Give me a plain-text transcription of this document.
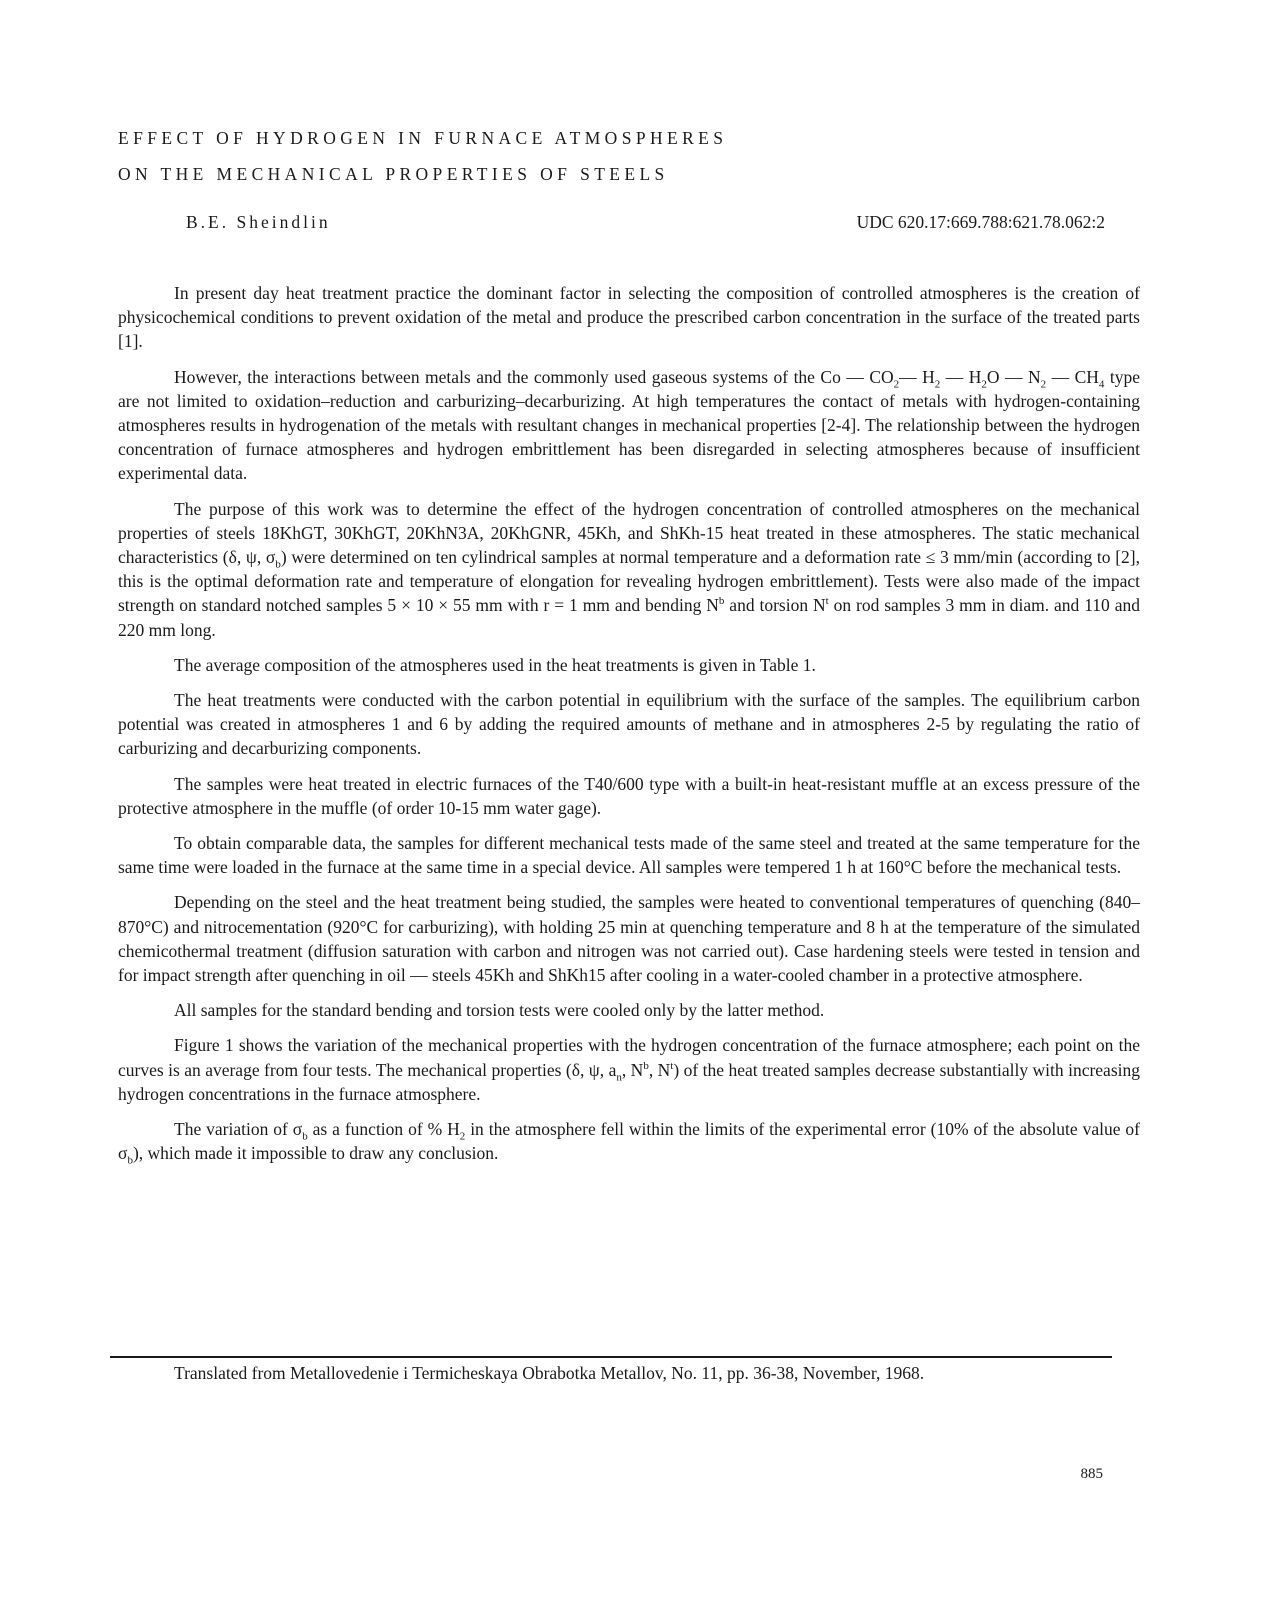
EFFECT OF HYDROGEN IN FURNACE ATMOSPHERES
ON THE MECHANICAL PROPERTIES OF STEELS
B.E. Sheindlin	UDC 620.17:669.788:621.78.062:2

In present day heat treatment practice the dominant factor in selecting the composition of controlled atmospheres is the creation of physicochemical conditions to prevent oxidation of the metal and produce the prescribed carbon concentration in the surface of the treated parts [1].

However, the interactions between metals and the commonly used gaseous systems of the Co — $CO_2—$ $H_2$ — $H_2O$ — $N_2$ — $CH_4$ type are not limited to oxidation–reduction and carburizing–decarburizing. At high temperatures the contact of metals with hydrogen-containing atmospheres results in hydrogenation of the metals with resultant changes in mechanical properties [2-4]. The relationship between the hydrogen concentration of furnace atmospheres and hydrogen embrittlement has been disregarded in selecting atmospheres because of insufficient experimental data.

The purpose of this work was to determine the effect of the hydrogen concentration of controlled atmospheres on the mechanical properties of steels 18KhGT, 30KhGT, 20KhN3A, 20KhGNR, 45Kh, and ShKh-15 heat treated in these atmospheres. The static mechanical characteristics (δ, ψ, $\sigma_b$) were determined on ten cylindrical samples at normal temperature and a deformation rate ≤ 3 mm/min (according to [2], this is the optimal deformation rate and temperature of elongation for revealing hydrogen embrittlement). Tests were also made of the impact strength on standard notched samples 5 × 10 × 55 mm with r = 1 mm and bending $N^b$ and torsion $N^t$ on rod samples 3 mm in diam. and 110 and 220 mm long.

The average composition of the atmospheres used in the heat treatments is given in Table 1.

The heat treatments were conducted with the carbon potential in equilibrium with the surface of the samples. The equilibrium carbon potential was created in atmospheres 1 and 6 by adding the required amounts of methane and in atmospheres 2-5 by regulating the ratio of carburizing and decarburizing components.

The samples were heat treated in electric furnaces of the T40/600 type with a built-in heat-resistant muffle at an excess pressure of the protective atmosphere in the muffle (of order 10-15 mm water gage).

To obtain comparable data, the samples for different mechanical tests made of the same steel and treated at the same temperature for the same time were loaded in the furnace at the same time in a special device. All samples were tempered 1 h at 160°C before the mechanical tests.

Depending on the steel and the heat treatment being studied, the samples were heated to conventional temperatures of quenching (840–870°C) and nitrocementation (920°C for carburizing), with holding 25 min at quenching temperature and 8 h at the temperature of the simulated chemicothermal treatment (diffusion saturation with carbon and nitrogen was not carried out). Case hardening steels were tested in tension and for impact strength after quenching in oil — steels 45Kh and ShKh15 after cooling in a water-cooled chamber in a protective atmosphere.

All samples for the standard bending and torsion tests were cooled only by the latter method.

Figure 1 shows the variation of the mechanical properties with the hydrogen concentration of the furnace atmosphere; each point on the curves is an average from four tests. The mechanical properties (δ, ψ, $a_n$, $N^b$, $N^t$) of the heat treated samples decrease substantially with increasing hydrogen concentrations in the furnace atmosphere.

The variation of $\sigma_b$ as a function of % $H_2$ in the atmosphere fell within the limits of the experimental error (10% of the absolute value of $\sigma_b$), which made it impossible to draw any conclusion.

Translated from Metallovedenie i Termicheskaya Obrabotka Metallov, No. 11, pp. 36-38, November, 1968.
885
